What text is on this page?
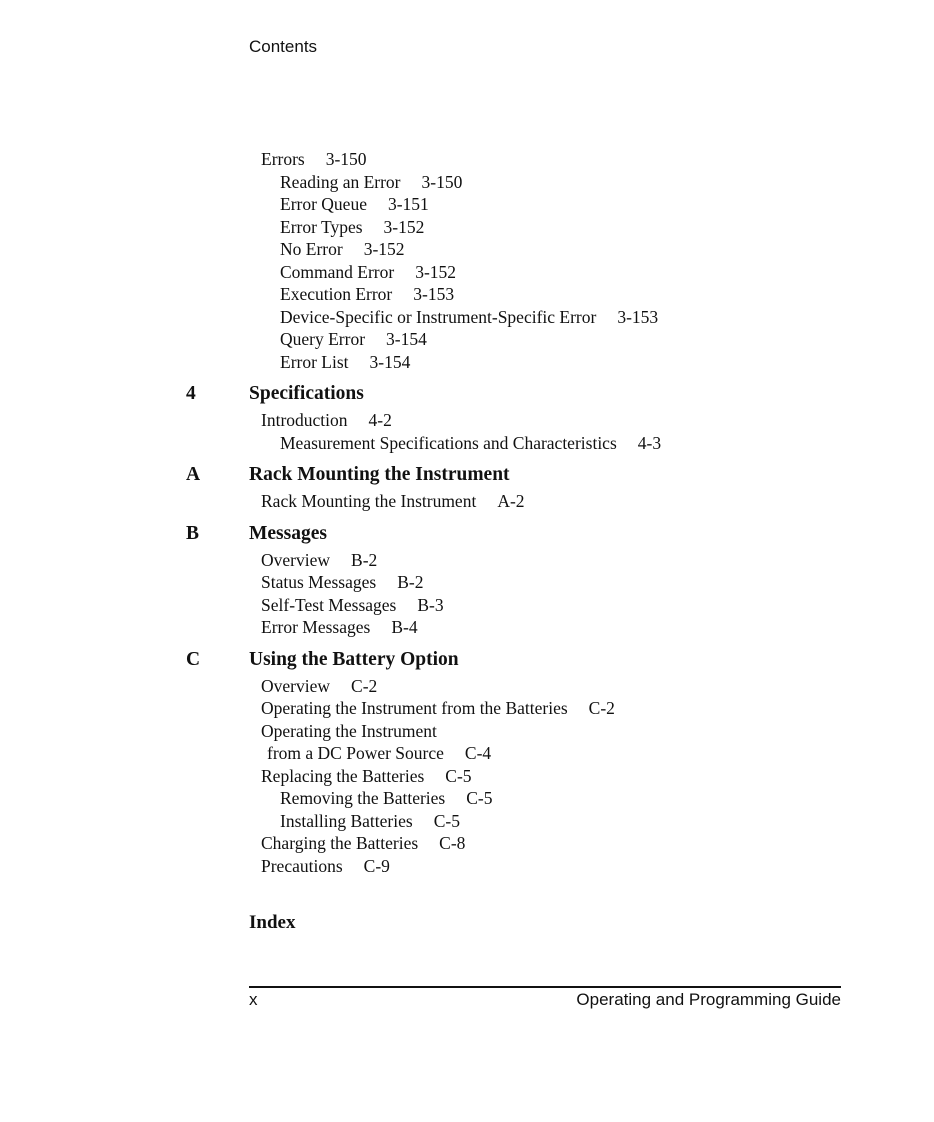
Contents
Errors 3-150
Reading an Error 3-150
Error Queue 3-151
Error Types 3-152
No Error 3-152
Command Error 3-152
Execution Error 3-153
Device-Specific or Instrument-Specific Error 3-153
Query Error 3-154
Error List 3-154
4	Specifications
Introduction 4-2
Measurement Specifications and Characteristics 4-3
A	Rack Mounting the Instrument
Rack Mounting the Instrument A-2
B	Messages
Overview B-2
Status Messages B-2
Self-Test Messages B-3
Error Messages B-4
C	Using the Battery Option
Overview C-2
Operating the Instrument from the Batteries C-2
Operating the Instrument
from a DC Power Source C-4
Replacing the Batteries C-5
Removing the Batteries C-5
Installing Batteries C-5
Charging the Batteries C-8
Precautions C-9
Index
x	Operating and Programming Guide
